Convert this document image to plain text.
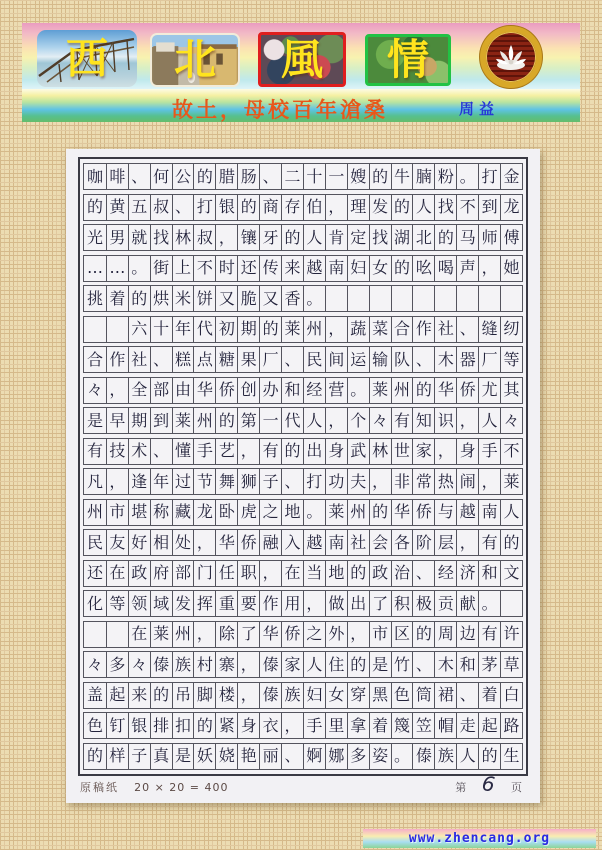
西	北	風	情
故土，母校百年滄桑	周益
咖 啡 、 何 公 的 腊 肠 、 二 十 一 嫂 的 牛 腩 粉 。 打 金
的 黄 五 叔 、 打 银 的 商 存 伯 ， 理 发 的 人 找 不 到 龙
光 男 就 找 林 叔 ， 镶 牙 的 人 肯 定 找 湖 北 的 马 师 傅
… … 。 街 上 不 时 还 传 来 越 南 妇 女 的 吆 喝 声 ， 她
挑 着 的 烘 米 饼 又 脆 又 香 。
六 十 年 代 初 期 的 莱 州 ， 蔬 菜 合 作 社 、 缝 纫
合 作 社 、 糕 点 糖 果 厂 、 民 间 运 输 队 、 木 器 厂 等
々 ， 全 部 由 华 侨 创 办 和 经 营 。 莱 州 的 华 侨 尤 其
是 早 期 到 莱 州 的 第 一 代 人 ， 个 々 有 知 识 ， 人 々
有 技 术 、 懂 手 艺 ， 有 的 出 身 武 林 世 家 ， 身 手 不
凡 ， 逢 年 过 节 舞 狮 子 、 打 功 夫 ， 非 常 热 闹 ， 莱
州 市 堪 称 藏 龙 卧 虎 之 地 。 莱 州 的 华 侨 与 越 南 人
民 友 好 相 处 ， 华 侨 融 入 越 南 社 会 各 阶 层 ， 有 的
还 在 政 府 部 门 任 职 ， 在 当 地 的 政 治 、 经 济 和 文
化 等 领 域 发 挥 重 要 作 用 ， 做 出 了 积 极 贡 献 。
在 莱 州 ， 除 了 华 侨 之 外 ， 市 区 的 周 边 有 许
々 多 々 傣 族 村 寨 ， 傣 家 人 住 的 是 竹 、 木 和 茅 草
盖 起 来 的 吊 脚 楼 ， 傣 族 妇 女 穿 黑 色 筒 裙 、 着 白
色 钉 银 排 扣 的 紧 身 衣 ， 手 里 拿 着 篾 笠 帽 走 起 路
的 样 子 真 是 妖 娆 艳 丽 、 婀 娜 多 姿 。 傣 族 人 的 生
原稿纸 20 × 20 = 400	第 6 页
www.zhencang.org
